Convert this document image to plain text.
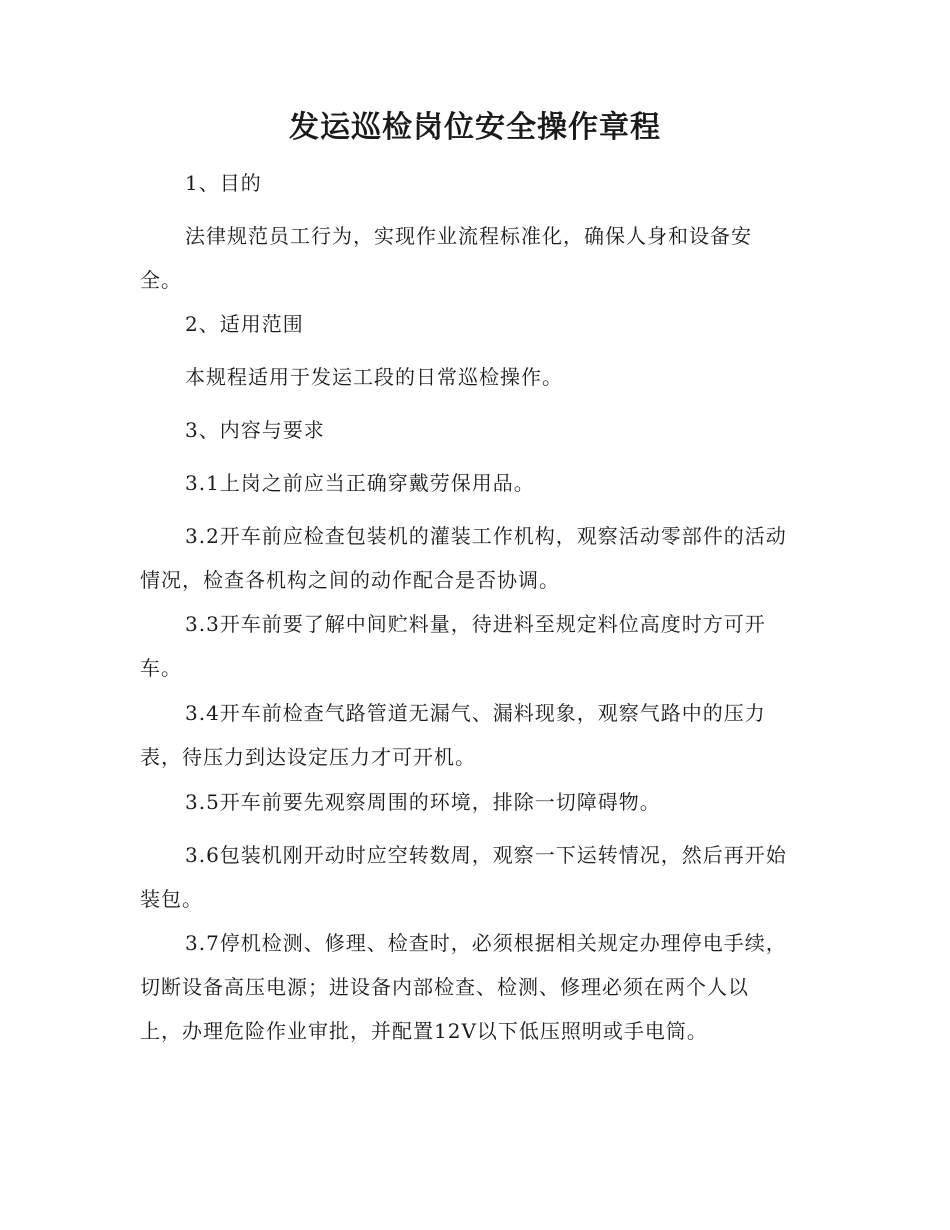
发运巡检岗位安全操作章程
1、目的
法律规范员工行为，实现作业流程标准化，确保人身和设备安
全。
2、适用范围
本规程适用于发运工段的日常巡检操作。
3、内容与要求
3.1上岗之前应当正确穿戴劳保用品。
3.2开车前应检查包装机的灌装工作机构，观察活动零部件的活动
情况，检查各机构之间的动作配合是否协调。
3.3开车前要了解中间贮料量，待进料至规定料位高度时方可开
车。
3.4开车前检查气路管道无漏气、漏料现象，观察气路中的压力
表，待压力到达设定压力才可开机。
3.5开车前要先观察周围的环境，排除一切障碍物。
3.6包装机刚开动时应空转数周，观察一下运转情况，然后再开始
装包。
3.7停机检测、修理、检查时，必须根据相关规定办理停电手续，
切断设备高压电源；进设备内部检查、检测、修理必须在两个人以
上，办理危险作业审批，并配置12V以下低压照明或手电筒。
